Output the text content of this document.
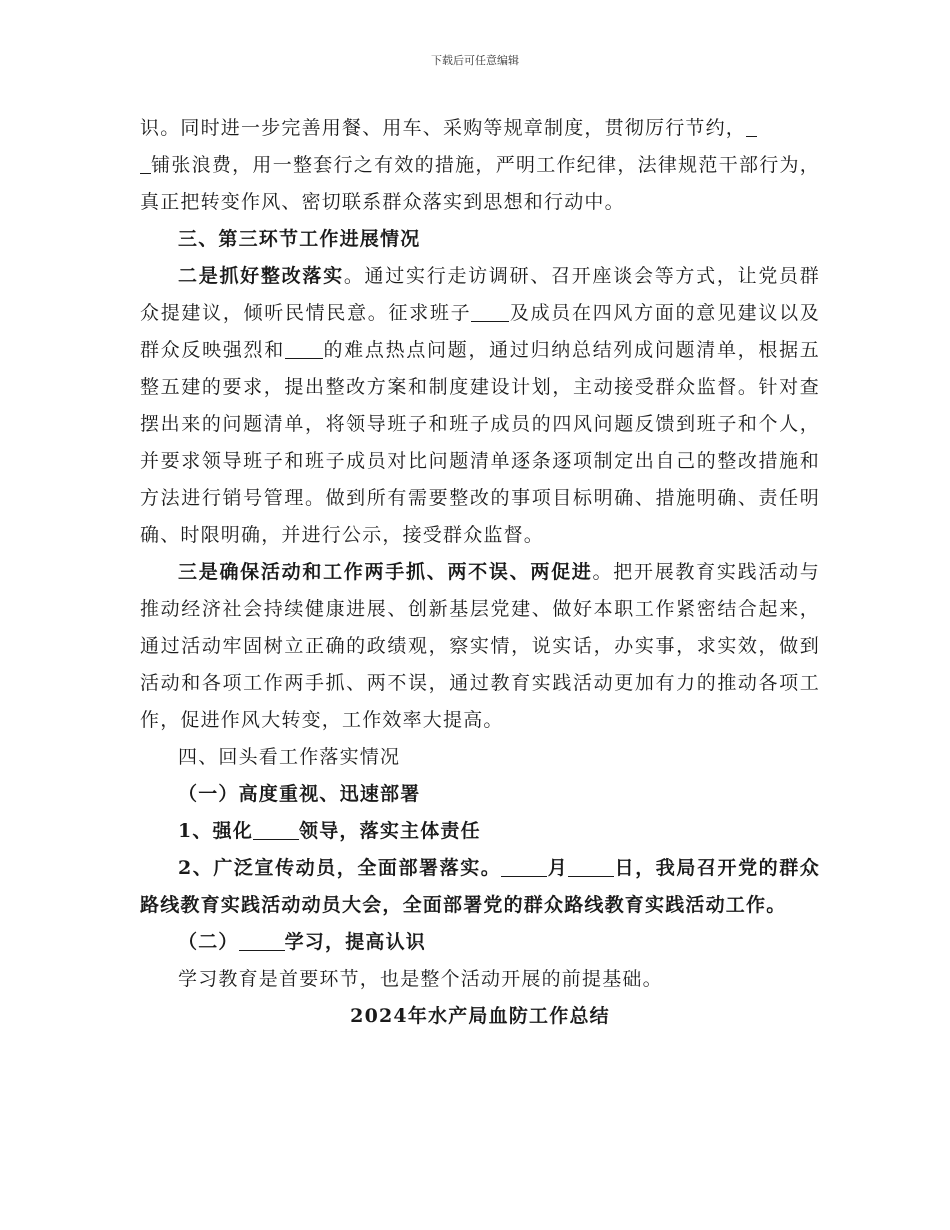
下载后可任意编辑

识。同时进一步完善用餐、用车、采购等规章制度，贯彻厉行节约，
铺张浪费，用一整套行之有效的措施，严明工作纪律，法律规范干部行为，真正把转变作风、密切联系群众落实到思想和行动中。

三、第三环节工作进展情况

二是抓好整改落实。通过实行走访调研、召开座谈会等方式，让党员群众提建议，倾听民情民意。征求班子 及成员在四风方面的意见建议以及群众反映强烈和 的难点热点问题，通过归纳总结列成问题清单，根据五整五建的要求，提出整改方案和制度建设计划，主动接受群众监督。针对查摆出来的问题清单，将领导班子和班子成员的四风问题反馈到班子和个人，并要求领导班子和班子成员对比问题清单逐条逐项制定出自己的整改措施和方法进行销号管理。做到所有需要整改的事项目标明确、措施明确、责任明确、时限明确，并进行公示，接受群众监督。

三是确保活动和工作两手抓、两不误、两促进。把开展教育实践活动与推动经济社会持续健康进展、创新基层党建、做好本职工作紧密结合起来，通过活动牢固树立正确的政绩观，察实情，说实话，办实事，求实效，做到活动和各项工作两手抓、两不误，通过教育实践活动更加有力的推动各项工作，促进作风大转变，工作效率大提高。

四、回头看工作落实情况

（一）高度重视、迅速部署

1、强化 领导，落实主体责任

2、广泛宣传动员，全面部署落实。 月 日，我局召开党的群众路线教育实践活动动员大会，全面部署党的群众路线教育实践活动工作。

（二） 学习，提高认识

学习教育是首要环节，也是整个活动开展的前提基础。

2024年水产局血防工作总结
